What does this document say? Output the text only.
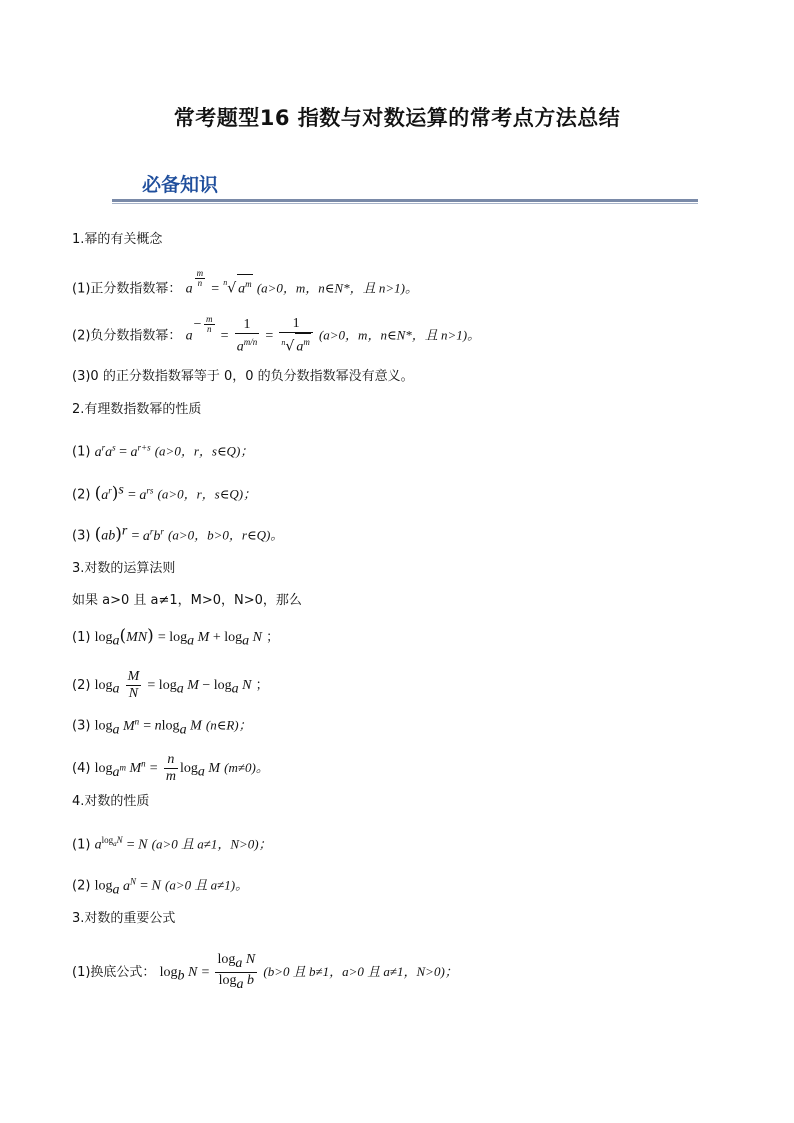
常考题型16 指数与对数运算的常考点方法总结
必备知识
1.幂的有关概念
(1)正分数指数幂： a
$^{\frac{m}{n}}$
= $^n$√ $a^m$ (a>0，m，n∈N*，且 n>1)。
(2)负分数指数幂： $a^{- \frac{m}{n}}$
= $\frac{1}{a^{m/n}} = \frac{1}{^n√ a^m} (a>0$，m，n∈N*，且 n>1)。
(3)0 的正分数指数幂等于 0，0 的负分数指数幂没有意义。
2.有理数指数幂的性质
(1) $a^ra^s = a^{r+s}$ (a>0，r，s∈Q)；
(2) $(a^r)^s = a^{rs}$ (a>0，r，s∈Q)；
(3) $(ab)^r = a^rb^r$ (a>0，b>0，r∈Q)。
3.对数的运算法则
如果 a>0 且 a≠1，M>0，N>0，那么
(1) $\log_a(MN) = \log_a M + \log_a N$ ；
(2) $\log_a \frac{M}{N} = \log_a M - \log_a N$ ；
(3) $\log_a M^n = nlog_a$ M (n∈R)；
(4) $\log_{a^m} M^n = \frac{n}{m} \log_a M$ (m≠0)。
4.对数的性质
(1) $a^{log_aN} = N$ (a>0 且 a≠1，N>0)；
(2) $\log_a a^N = N$ (a>0 且 a≠1)。
3.对数的重要公式
(1)换底公式： $\log_b N = \frac{\log_a N}{\log_a b} (b>0$ 且 b≠1，a>0 且 a≠1，N>0)；
